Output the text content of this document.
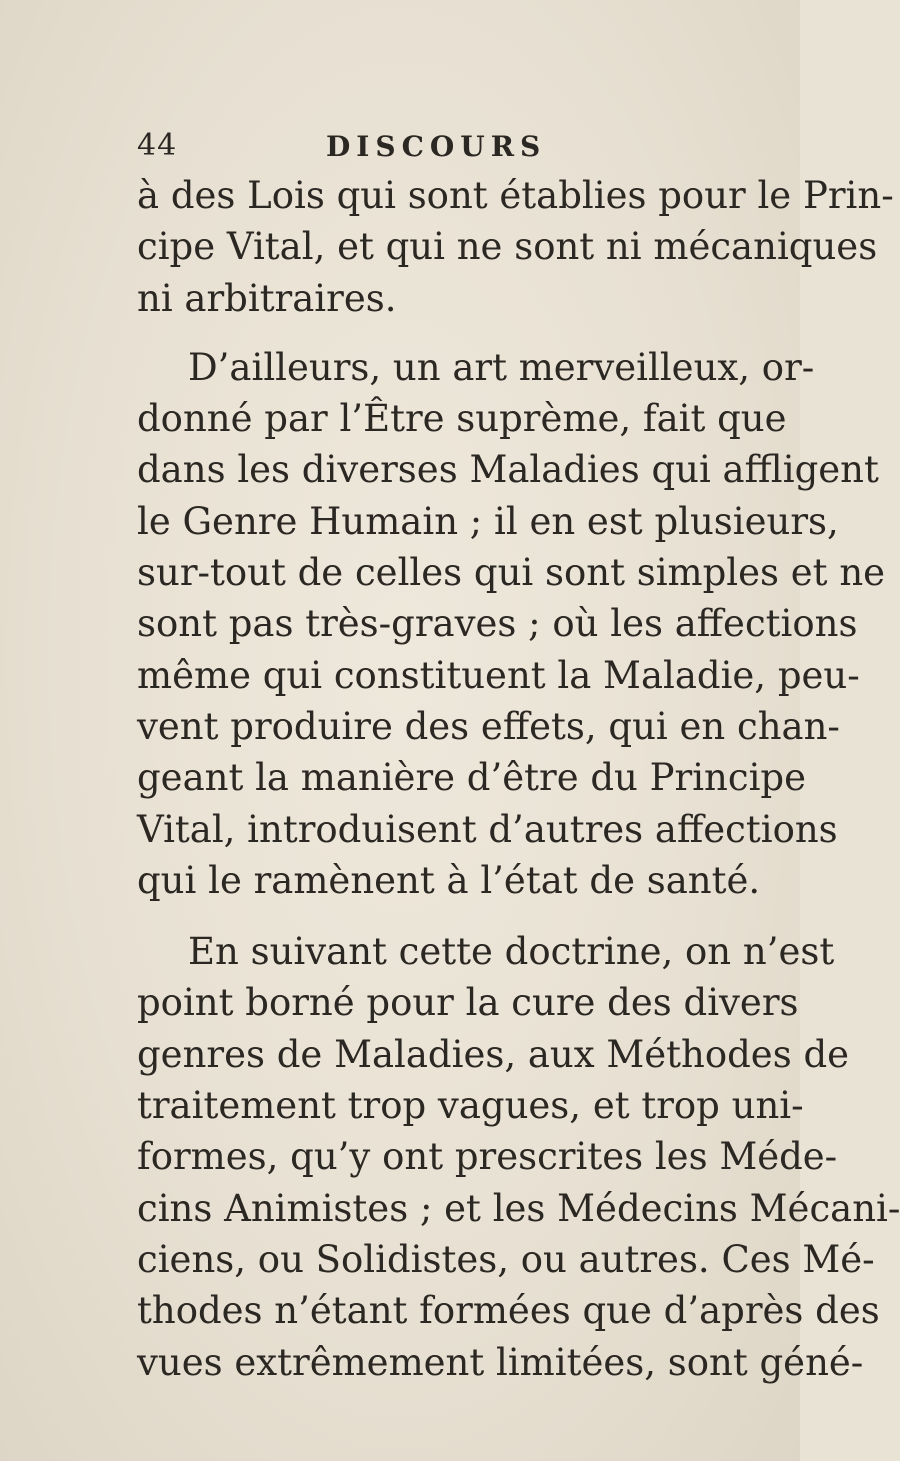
44	DISCOURS
à des Lois qui sont établies pour le Prin-
cipe Vital, et qui ne sont ni mécaniques
ni arbitraires.
D’ailleurs, un art merveilleux, or-
donné par l’Être suprème, fait que
dans les diverses Maladies qui affligent
le Genre Humain ; il en est plusieurs,
sur-tout de celles qui sont simples et ne
sont pas très-graves ; où les affections
même qui constituent la Maladie, peu-
vent produire des effets, qui en chan-
geant la manière d’être du Principe
Vital, introduisent d’autres affections
qui le ramènent à l’état de santé.
En suivant cette doctrine, on n’est
point borné pour la cure des divers
genres de Maladies, aux Méthodes de
traitement trop vagues, et trop uni-
formes, qu’y ont prescrites les Méde-
cins Animistes ; et les Médecins Mécani-
ciens, ou Solidistes, ou autres. Ces Mé-
thodes n’étant formées que d’après des
vues extrêmement limitées, sont géné-
